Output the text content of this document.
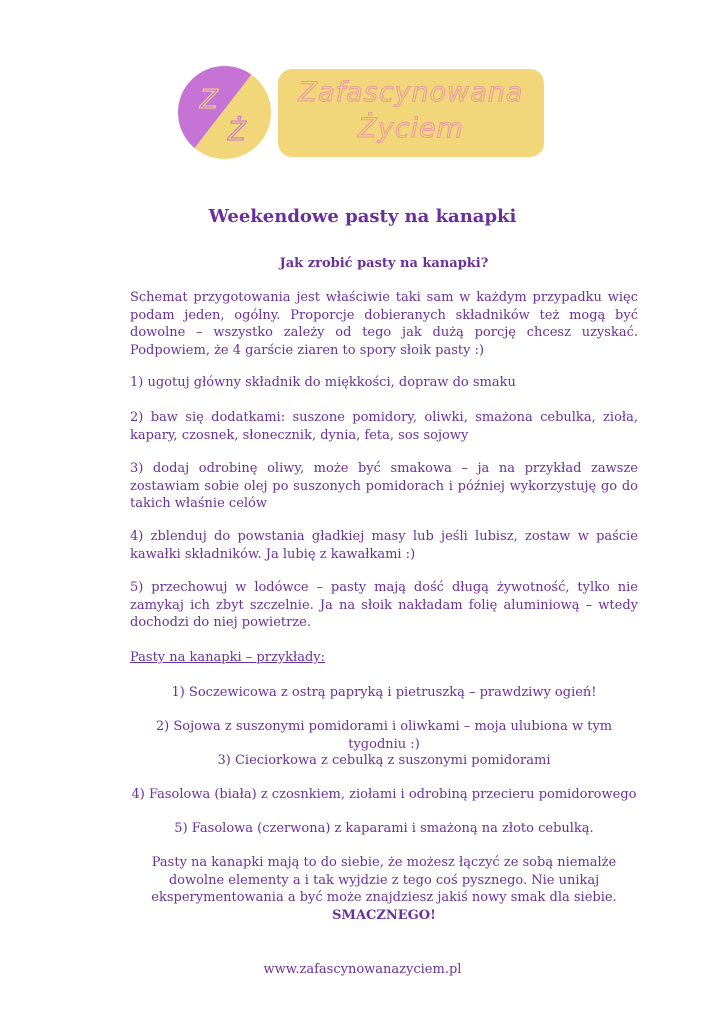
Z
Ż
Zafascynowana
Życiem
Weekendowe pasty na kanapki
Jak zrobić pasty na kanapki?
Schemat przygotowania jest właściwie taki sam w każdym przypadku więc podam jeden, ogólny. Proporcje dobieranych składników też mogą być dowolne – wszystko zależy od tego jak dużą porcję chcesz uzyskać. Podpowiem, że 4 garście ziaren to spory słoik pasty :)
1) ugotuj główny składnik do miękkości, dopraw do smaku
2) baw się dodatkami: suszone pomidory, oliwki, smażona cebulka, zioła, kapary, czosnek, słonecznik, dynia, feta, sos sojowy
3) dodaj odrobinę oliwy, może być smakowa – ja na przykład zawsze zostawiam sobie olej po suszonych pomidorach i później wykorzystuję go do takich właśnie celów
4) zblenduj do powstania gładkiej masy lub jeśli lubisz, zostaw w paście kawałki składników. Ja lubię z kawałkami :)
5) przechowuj w lodówce – pasty mają dość długą żywotność, tylko nie zamykaj ich zbyt szczelnie. Ja na słoik nakładam folię aluminiową – wtedy dochodzi do niej powietrze.
Pasty na kanapki – przykłady:
1) Soczewicowa z ostrą papryką i pietruszką – prawdziwy ogień!
2) Sojowa z suszonymi pomidorami i oliwkami – moja ulubiona w tym tygodniu :)
3) Cieciorkowa z cebulką z suszonymi pomidorami
4) Fasolowa (biała) z czosnkiem, ziołami i odrobiną przecieru pomidorowego
5) Fasolowa (czerwona) z kaparami i smażoną na złoto cebulką.
Pasty na kanapki mają to do siebie, że możesz łączyć ze sobą niemalże dowolne elementy a i tak wyjdzie z tego coś pysznego. Nie unikaj eksperymentowania a być może znajdziesz jakiś nowy smak dla siebie.
SMACZNEGO!
www.zafascynowanazyciem.pl
